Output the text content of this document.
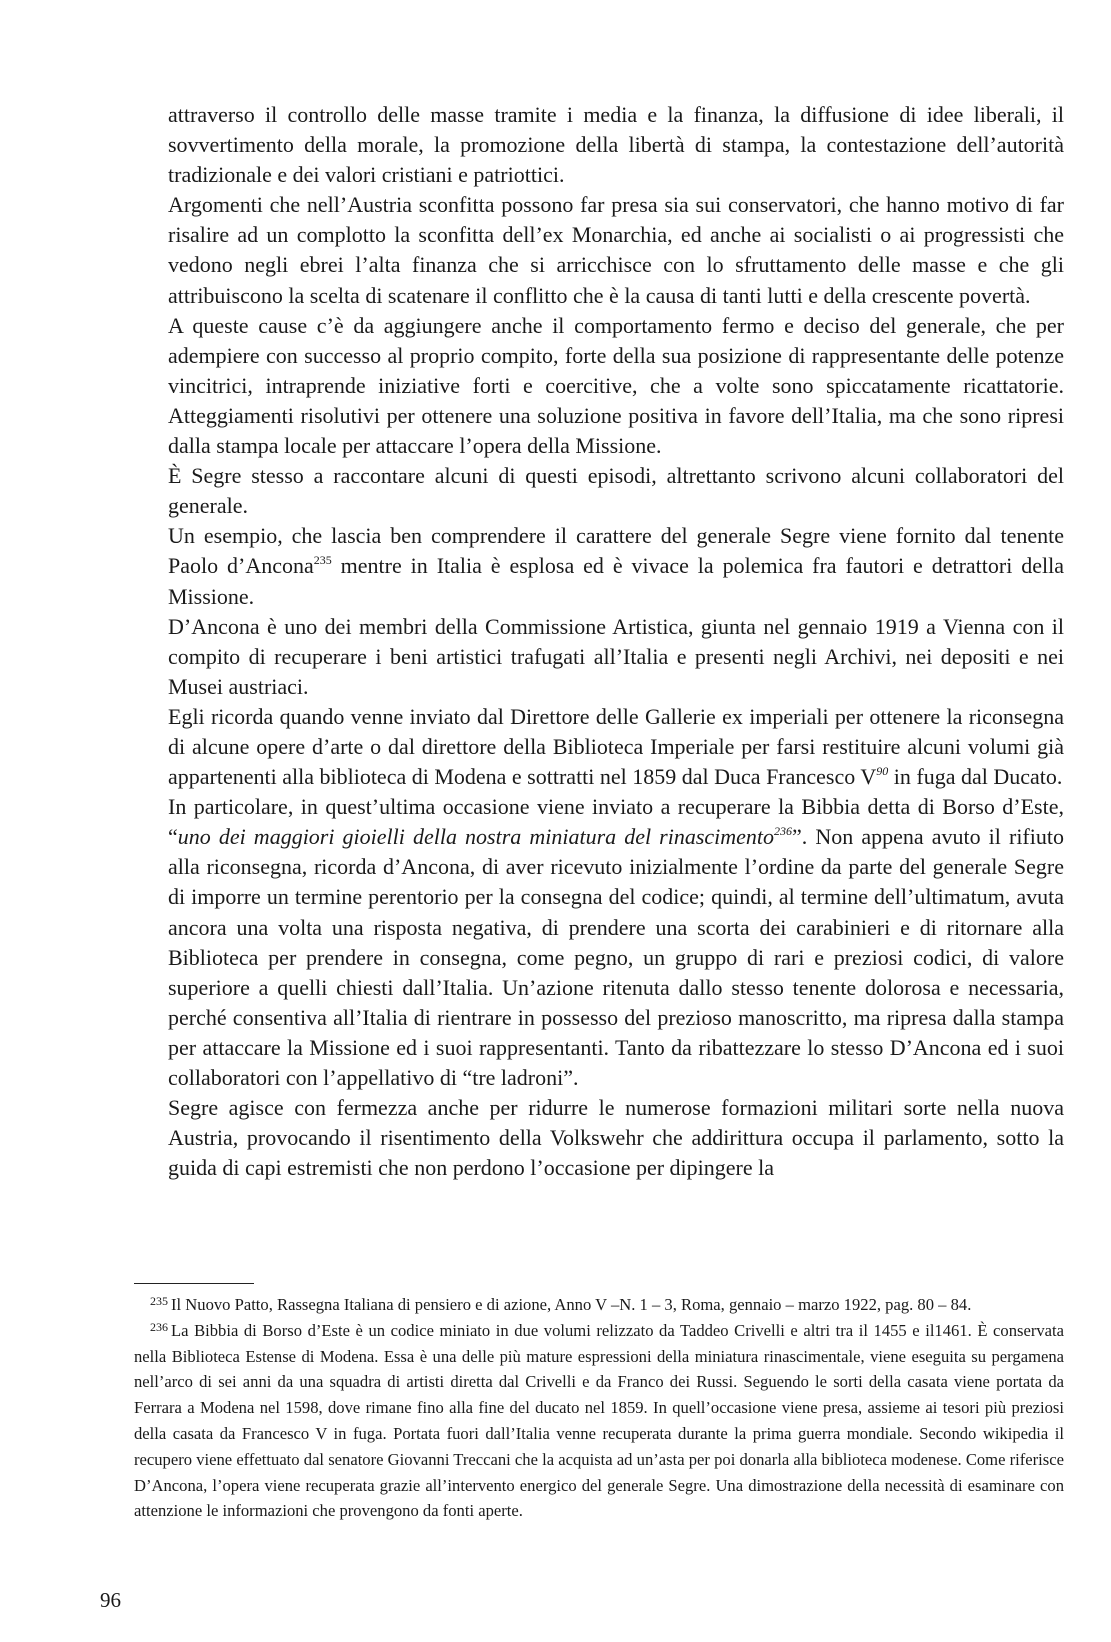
attraverso il controllo delle masse tramite i media e la finanza, la diffusione di idee liberali, il sovvertimento della morale, la promozione della libertà di stampa, la contestazione dell’autorità tradizionale e dei valori cristiani e patriottici.

Argomenti che nell’Austria sconfitta possono far presa sia sui conservatori, che hanno motivo di far risalire ad un complotto la sconfitta dell’ex Monarchia, ed anche ai socialisti o ai progressisti che vedono negli ebrei l’alta finanza che si arricchisce con lo sfruttamento delle masse e che gli attribuiscono la scelta di scatenare il conflitto che è la causa di tanti lutti e della crescente povertà.

A queste cause c’è da aggiungere anche il comportamento fermo e deciso del generale, che per adempiere con successo al proprio compito, forte della sua posizione di rappresentante delle potenze vincitrici, intraprende iniziative forti e coercitive, che a volte sono spiccatamente ricattatorie. Atteggiamenti risolutivi per ottenere una soluzione positiva in favore dell’Italia, ma che sono ripresi dalla stampa locale per attaccare l’opera della Missione.

È Segre stesso a raccontare alcuni di questi episodi, altrettanto scrivono alcuni collaboratori del generale.

Un esempio, che lascia ben comprendere il carattere del generale Segre viene fornito dal tenente Paolo d’Ancona$^{235}$ mentre in Italia è esplosa ed è vivace la polemica fra fautori e detrattori della Missione.

D’Ancona è uno dei membri della Commissione Artistica, giunta nel gennaio 1919 a Vienna con il compito di recuperare i beni artistici trafugati all’Italia e presenti negli Archivi, nei depositi e nei Musei austriaci.

Egli ricorda quando venne inviato dal Direttore delle Gallerie ex imperiali per ottenere la riconsegna di alcune opere d’arte o dal direttore della Biblioteca Imperiale per farsi restituire alcuni volumi già appartenenti alla biblioteca di Modena e sottratti nel 1859 dal Duca Francesco $V^{90}$ in fuga dal Ducato.

In particolare, in quest’ultima occasione viene inviato a recuperare la Bibbia detta di Borso d’Este, “uno dei maggiori gioielli della nostra miniatura del rinascimento$^{236}$”. Non appena avuto il rifiuto alla riconsegna, ricorda d’Ancona, di aver ricevuto inizialmente l’ordine da parte del generale Segre di imporre un termine perentorio per la consegna del codice; quindi, al termine dell’ultimatum, avuta ancora una volta una risposta negativa, di prendere una scorta dei carabinieri e di ritornare alla Biblioteca per prendere in consegna, come pegno, un gruppo di rari e preziosi codici, di valore superiore a quelli chiesti dall’Italia. Un’azione ritenuta dallo stesso tenente dolorosa e necessaria, perché consentiva all’Italia di rientrare in possesso del prezioso manoscritto, ma ripresa dalla stampa per attaccare la Missione ed i suoi rappresentanti. Tanto da ribattezzare lo stesso D’Ancona ed i suoi collaboratori con l’appellativo di “tre ladroni”.

Segre agisce con fermezza anche per ridurre le numerose formazioni militari sorte nella nuova Austria, provocando il risentimento della Volkswehr che addirittura occupa il parlamento, sotto la guida di capi estremisti che non perdono l’occasione per dipingere la

$^{235}$ Il Nuovo Patto, Rassegna Italiana di pensiero e di azione, Anno V –N. 1 – 3, Roma, gennaio – marzo 1922, pag. 80 – 84.

$^{236}$ La Bibbia di Borso d’Este è un codice miniato in due volumi relizzato da Taddeo Crivelli e altri tra il 1455 e il1461. È conservata nella Biblioteca Estense di Modena. Essa è una delle più mature espressioni della miniatura rinascimentale, viene eseguita su pergamena nell’arco di sei anni da una squadra di artisti diretta dal Crivelli e da Franco dei Russi. Seguendo le sorti della casata viene portata da Ferrara a Modena nel 1598, dove rimane fino alla fine del ducato nel 1859. In quell’occasione viene presa, assieme ai tesori più preziosi della casata da Francesco V in fuga. Portata fuori dall’Italia venne recuperata durante la prima guerra mondiale. Secondo wikipedia il recupero viene effettuato dal senatore Giovanni Treccani che la acquista ad un’asta per poi donarla alla biblioteca modenese. Come riferisce D’Ancona, l’opera viene recuperata grazie all’intervento energico del generale Segre. Una dimostrazione della necessità di esaminare con attenzione le informazioni che provengono da fonti aperte.

96
